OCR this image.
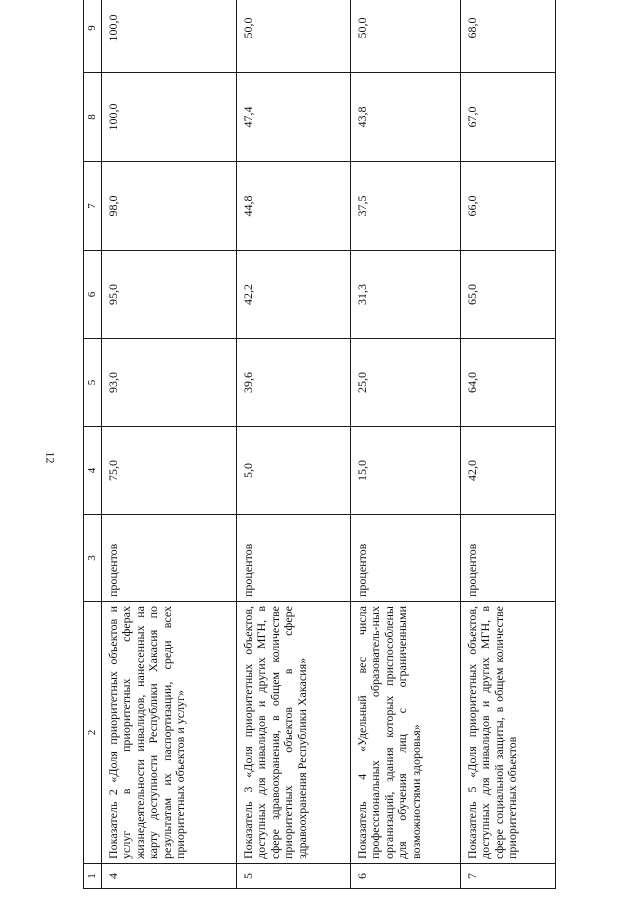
12
1	2	3	4	5	6	7	8	9
4	Показатель 2 «Доля приоритетных объектов и услуг в приоритетных сферах жизнедеятельности инвалидов, нанесенных на карту доступности Республики Хакасия по результатам их паспортизации, среди всех приоритетных объектов и услуг»	процентов	75,0	93,0	95,0	98,0	100,0	100,0
5	Показатель 3 «Доля приоритетных объектов, доступных для инвалидов и других МГН, в сфере здравоохранения, в общем количестве приоритетных объектов в сфере здравоохранения Республики Хакасия»	процентов	5,0	39,6	42,2	44,8	47,4	50,0
6	Показатель 4 «Удельный вес числа профессиональных образователь-ных организаций, здания которых приспособлены для обучения лиц с ограниченными возможностями здоровья»	процентов	15,0	25,0	31,3	37,5	43,8	50,0
7	Показатель 5 «Доля приоритетных объектов, доступных для инвалидов и других МГН, в сфере социальной защиты, в общем количестве приоритетных объектов	процентов	42,0	64,0	65,0	66,0	67,0	68,0
